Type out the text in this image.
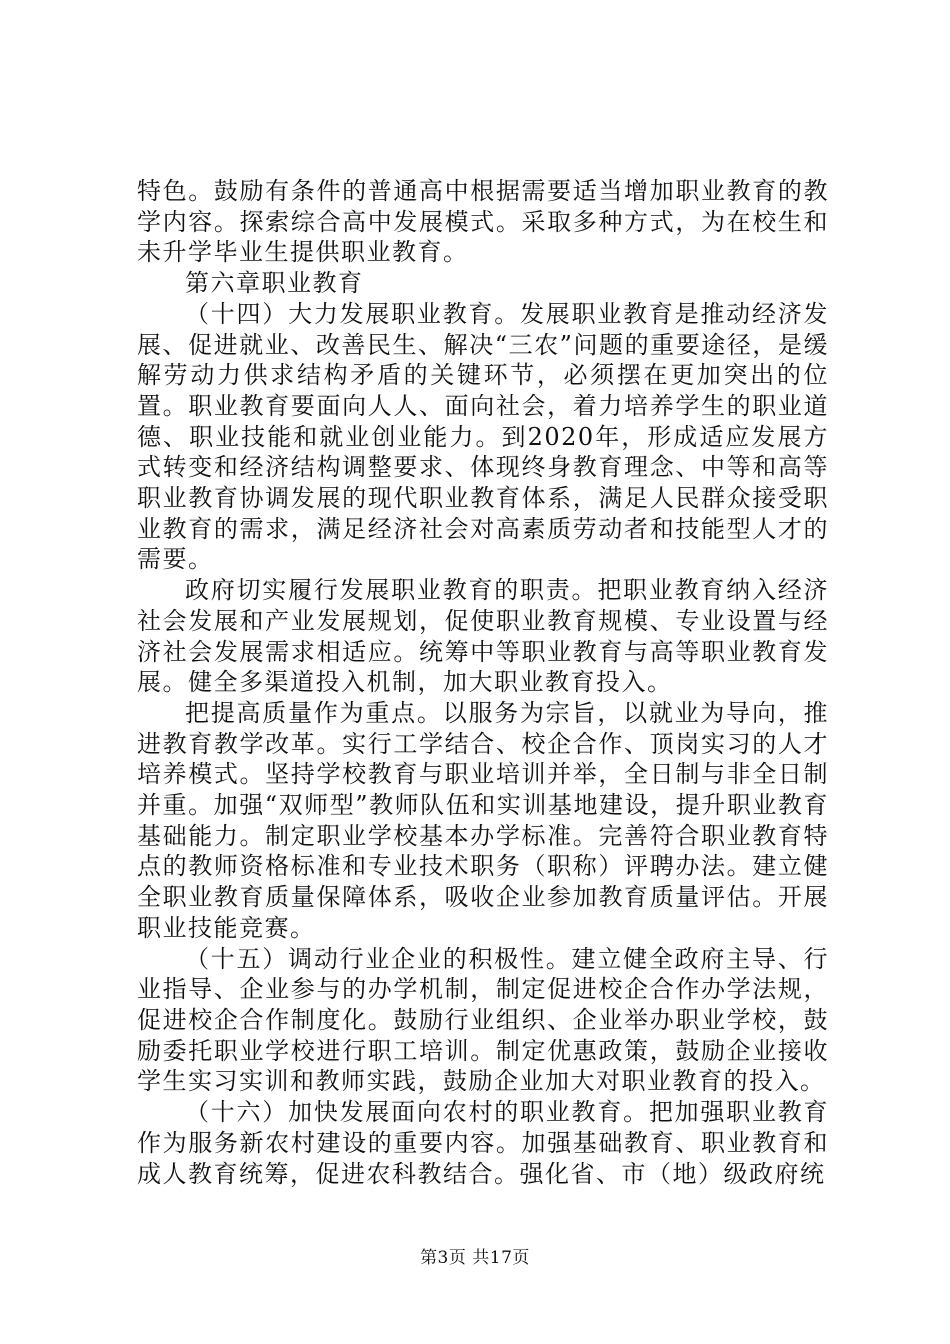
特色。鼓励有条件的普通高中根据需要适当增加职业教育的教学内容。探索综合高中发展模式。采取多种方式，为在校生和未升学毕业生提供职业教育。

第六章职业教育

（十四）大力发展职业教育。发展职业教育是推动经济发展、促进就业、改善民生、解决“三农”问题的重要途径，是缓解劳动力供求结构矛盾的关键环节，必须摆在更加突出的位置。职业教育要面向人人、面向社会，着力培养学生的职业道德、职业技能和就业创业能力。到2020年，形成适应发展方式转变和经济结构调整要求、体现终身教育理念、中等和高等职业教育协调发展的现代职业教育体系，满足人民群众接受职业教育的需求，满足经济社会对高素质劳动者和技能型人才的需要。

政府切实履行发展职业教育的职责。把职业教育纳入经济社会发展和产业发展规划，促使职业教育规模、专业设置与经济社会发展需求相适应。统筹中等职业教育与高等职业教育发展。健全多渠道投入机制，加大职业教育投入。

把提高质量作为重点。以服务为宗旨，以就业为导向，推进教育教学改革。实行工学结合、校企合作、顶岗实习的人才培养模式。坚持学校教育与职业培训并举，全日制与非全日制并重。加强“双师型”教师队伍和实训基地建设，提升职业教育基础能力。制定职业学校基本办学标准。完善符合职业教育特点的教师资格标准和专业技术职务（职称）评聘办法。建立健全职业教育质量保障体系，吸收企业参加教育质量评估。开展职业技能竞赛。

（十五）调动行业企业的积极性。建立健全政府主导、行业指导、企业参与的办学机制，制定促进校企合作办学法规，促进校企合作制度化。鼓励行业组织、企业举办职业学校，鼓励委托职业学校进行职工培训。制定优惠政策，鼓励企业接收学生实习实训和教师实践，鼓励企业加大对职业教育的投入。

（十六）加快发展面向农村的职业教育。把加强职业教育作为服务新农村建设的重要内容。加强基础教育、职业教育和成人教育统筹，促进农科教结合。强化省、市（地）级政府统

第3页 共17页
